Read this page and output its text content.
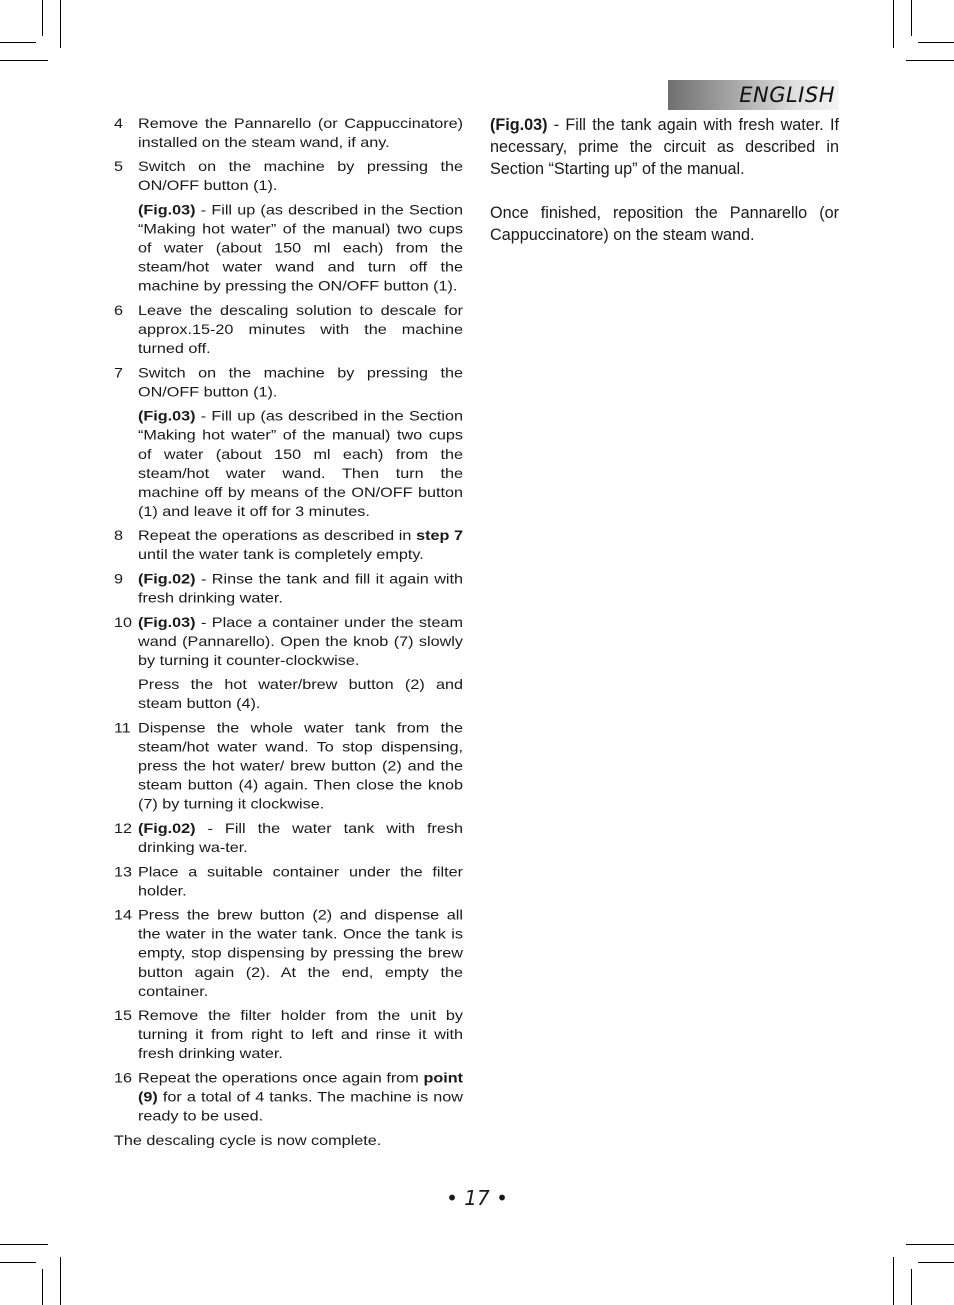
ENGLISH
4 Remove the Pannarello (or Cappuccinatore) installed on the steam wand, if any.
5 Switch on the machine by pressing the ON/OFF button (1).
(Fig.03) - Fill up (as described in the Section “Making hot water” of the manual) two cups of water (about 150 ml each) from the steam/hot water wand and turn off the machine by pressing the ON/OFF button (1).
6 Leave the descaling solution to descale for approx.15-20 minutes with the machine turned off.
7 Switch on the machine by pressing the ON/OFF button (1).
(Fig.03) - Fill up (as described in the Section “Making hot water” of the manual) two cups of water (about 150 ml each) from the steam/hot water wand. Then turn the machine off by means of the ON/OFF button (1) and leave it off for 3 minutes.
8 Repeat the operations as described in step 7 until the water tank is completely empty.
9 (Fig.02) - Rinse the tank and fill it again with fresh drinking water.
10 (Fig.03) - Place a container under the steam wand (Pannarello). Open the knob (7) slowly by turning it counter-clockwise.
Press the hot water/brew button (2) and steam button (4).
11 Dispense the whole water tank from the steam/hot water wand. To stop dispensing, press the hot water/ brew button (2) and the steam button (4) again. Then close the knob (7) by turning it clockwise.
12 (Fig.02) - Fill the water tank with fresh drinking wa-ter.
13 Place a suitable container under the filter holder.
14 Press the brew button (2) and dispense all the water in the water tank. Once the tank is empty, stop dispensing by pressing the brew button again (2). At the end, empty the container.
15 Remove the filter holder from the unit by turning it from right to left and rinse it with fresh drinking water.
16 Repeat the operations once again from point (9) for a total of 4 tanks. The machine is now ready to be used.

The descaling cycle is now complete.

(Fig.03) - Fill the tank again with fresh water. If necessary, prime the circuit as described in Section “Starting up” of the manual.

Once finished, reposition the Pannarello (or Cappuccinatore) on the steam wand.

• 17 •
